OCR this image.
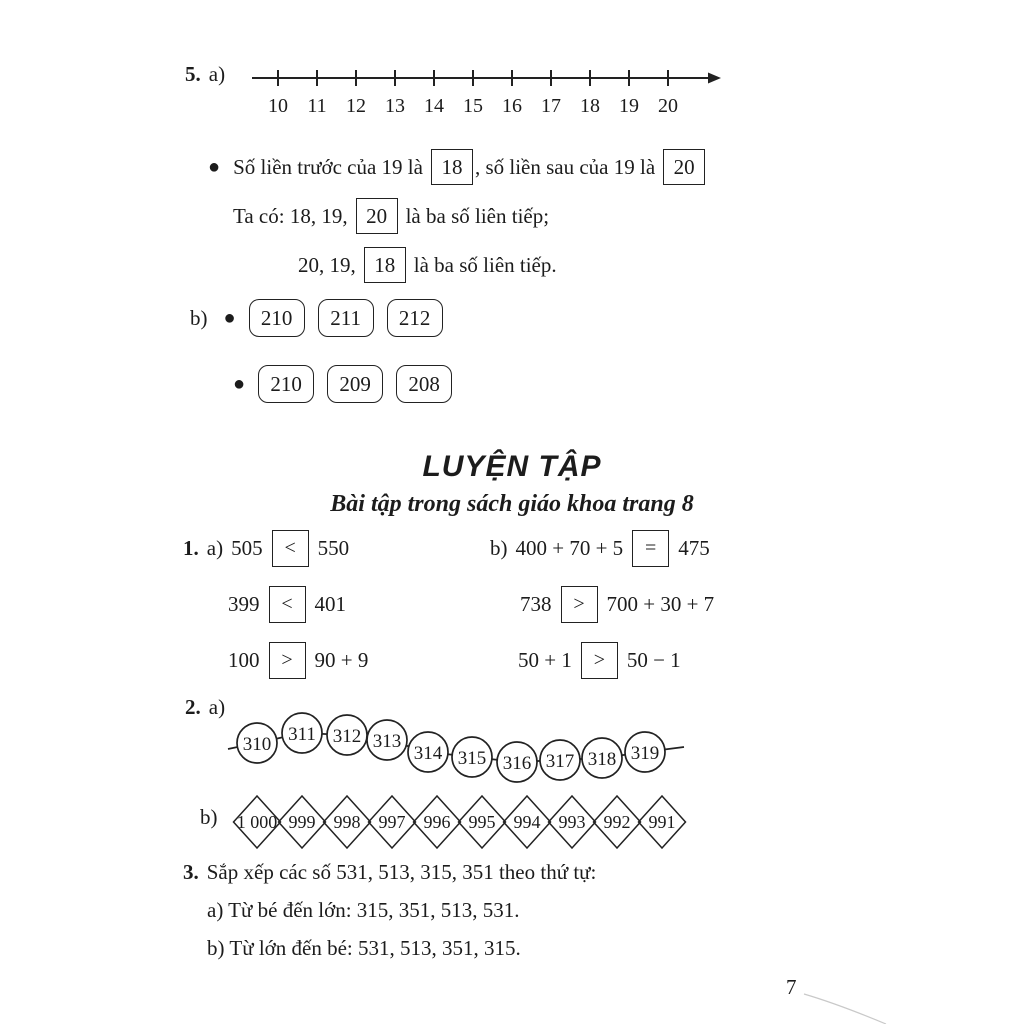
5. a)
10 11 12 13 14 15 16 17 18 19 20
● Số liền trước của 19 là 18 , số liền sau của 19 là 20
Ta có: 18, 19, 20 là ba số liên tiếp;
20, 19, 18 là ba số liên tiếp.
b) ●	210	211	212
●	210	209	208
LUYỆN TẬP
Bài tập trong sách giáo khoa trang 8
1. a) 505	<	550
399	<	401
100	>	90 + 9
b) 400 + 70 + 5	=	475
738	>	700 + 30 + 7
50 + 1	>	50 − 1
2. a)
310 311 312 313
314 315 316 317 318 319
b) 1 000 999 998 997 996 995 994 993 992 991
3. Sắp xếp các số 531, 513, 315, 351 theo thứ tự:
a) Từ bé đến lớn: 315, 351, 513, 531.
b) Từ lớn đến bé: 531, 513, 351, 315.
7
